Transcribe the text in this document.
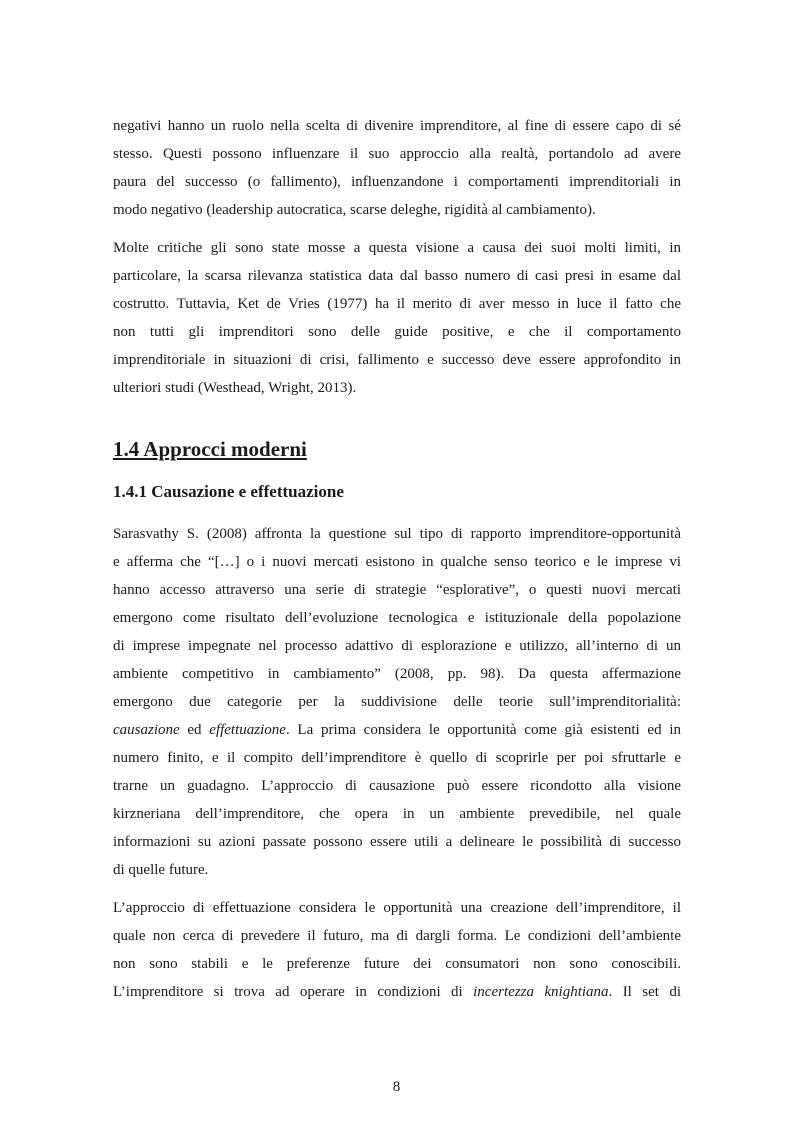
negativi hanno un ruolo nella scelta di divenire imprenditore, al fine di essere capo di sé
stesso. Questi possono influenzare il suo approccio alla realtà, portandolo ad avere
paura del successo (o fallimento), influenzandone i comportamenti imprenditoriali in
modo negativo (leadership autocratica, scarse deleghe, rigidità al cambiamento).
Molte critiche gli sono state mosse a questa visione a causa dei suoi molti limiti, in
particolare, la scarsa rilevanza statistica data dal basso numero di casi presi in esame dal
costrutto. Tuttavia, Ket de Vries (1977) ha il merito di aver messo in luce il fatto che
non tutti gli imprenditori sono delle guide positive, e che il comportamento
imprenditoriale in situazioni di crisi, fallimento e successo deve essere approfondito in
ulteriori studi (Westhead, Wright, 2013).
1.4 Approcci moderni
1.4.1 Causazione e effettuazione
Sarasvathy S. (2008) affronta la questione sul tipo di rapporto imprenditore-opportunità
e afferma che “[…] o i nuovi mercati esistono in qualche senso teorico e le imprese vi
hanno accesso attraverso una serie di strategie “esplorative”, o questi nuovi mercati
emergono come risultato dell’evoluzione tecnologica e istituzionale della popolazione
di imprese impegnate nel processo adattivo di esplorazione e utilizzo, all’interno di un
ambiente competitivo in cambiamento” (2008, pp. 98). Da questa affermazione
emergono due categorie per la suddivisione delle teorie sull’imprenditorialità:
causazione ed effettuazione. La prima considera le opportunità come già esistenti ed in
numero finito, e il compito dell’imprenditore è quello di scoprirle per poi sfruttarle e
trarne un guadagno. L’approccio di causazione può essere ricondotto alla visione
kirzneriana dell’imprenditore, che opera in un ambiente prevedibile, nel quale
informazioni su azioni passate possono essere utili a delineare le possibilità di successo
di quelle future.
L’approccio di effettuazione considera le opportunità una creazione dell’imprenditore, il
quale non cerca di prevedere il futuro, ma di dargli forma. Le condizioni dell’ambiente
non sono stabili e le preferenze future dei consumatori non sono conoscibili.
L’imprenditore si trova ad operare in condizioni di incertezza knightiana. Il set di
8
